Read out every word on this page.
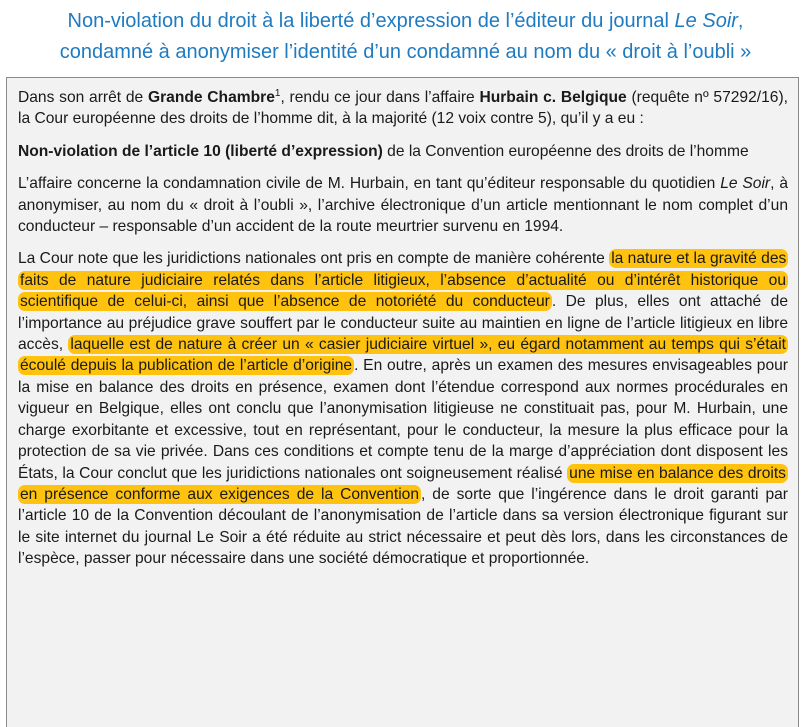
Non-violation du droit à la liberté d’expression de l’éditeur du journal Le Soir,
condamné à anonymiser l’identité d’un condamné au nom du « droit à l’oubli »

Dans son arrêt de Grande Chambre$^1$, rendu ce jour dans l’affaire Hurbain c. Belgique (requête nº 57292/16), la Cour européenne des droits de l’homme dit, à la majorité (12 voix contre 5), qu’il y a eu :

Non-violation de l’article 10 (liberté d’expression) de la Convention européenne des droits de l’homme

L’affaire concerne la condamnation civile de M. Hurbain, en tant qu’éditeur responsable du quotidien Le Soir, à anonymiser, au nom du « droit à l’oubli », l’archive électronique d’un article mentionnant le nom complet d’un conducteur – responsable d’un accident de la route meurtrier survenu en 1994.

La Cour note que les juridictions nationales ont pris en compte de manière cohérente la nature et la gravité des faits de nature judiciaire relatés dans l’article litigieux, l’absence d’actualité ou d’intérêt historique ou scientifique de celui-ci, ainsi que l’absence de notoriété du conducteur . De plus, elles ont attaché de l’importance au préjudice grave souffert par le conducteur suite au maintien en ligne de l’article litigieux en libre accès, laquelle est de nature à créer un « casier judiciaire virtuel », eu égard notamment au temps qui s’était écoulé depuis la publication de l’article d’origine . En outre, après un examen des mesures envisageables pour la mise en balance des droits en présence, examen dont l’étendue correspond aux normes procédurales en vigueur en Belgique, elles ont conclu que l’anonymisation litigieuse ne constituait pas, pour M. Hurbain, une charge exorbitante et excessive, tout en représentant, pour le conducteur, la mesure la plus efficace pour la protection de sa vie privée. Dans ces conditions et compte tenu de la marge d’appréciation dont disposent les États, la Cour conclut que les juridictions nationales ont soigneusement réalisé une mise en balance des droits en présence conforme aux exigences de la Convention , de sorte que l’ingérence dans le droit garanti par l’article 10 de la Convention découlant de l’anonymisation de l’article dans sa version électronique figurant sur le site internet du journal Le Soir a été réduite au strict nécessaire et peut dès lors, dans les circonstances de l’espèce, passer pour nécessaire dans une société démocratique et proportionnée.
